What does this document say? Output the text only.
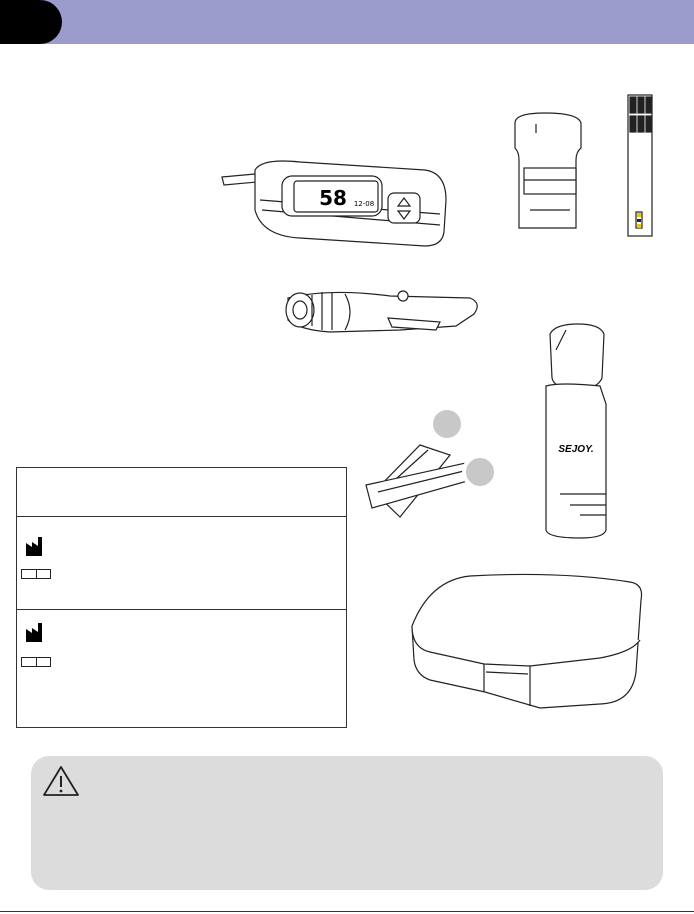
58 12-08
SEJOY.
